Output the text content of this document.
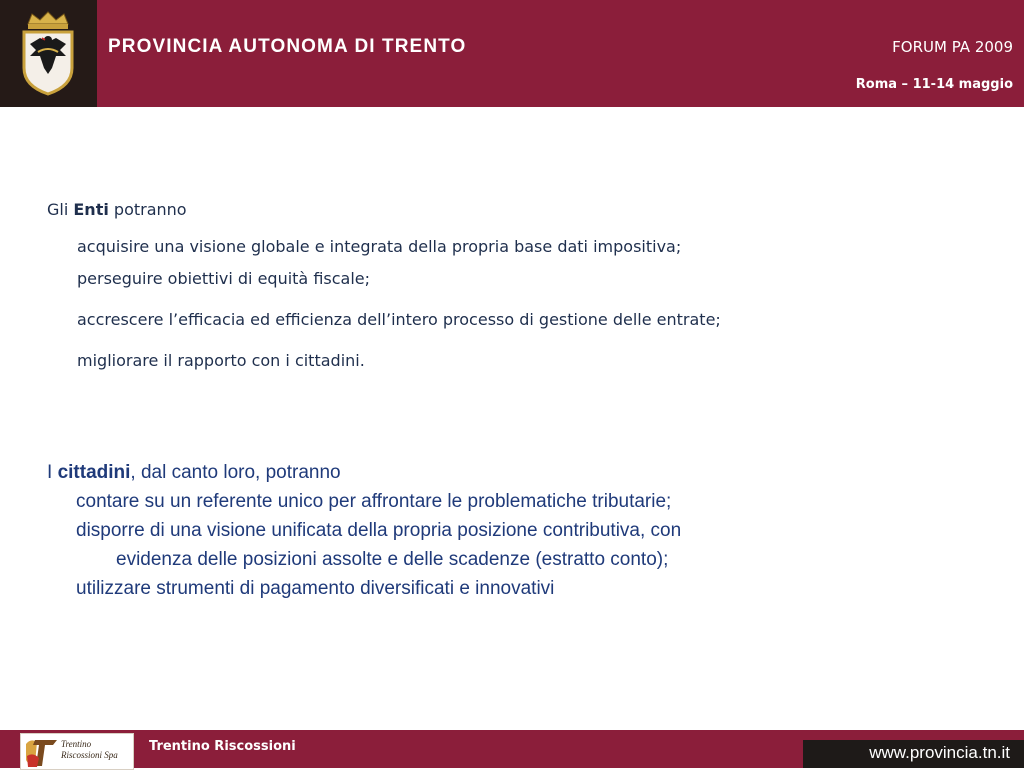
PROVINCIA AUTONOMA DI TRENTO	FORUM PA 2009
Roma – 11-14 maggio
Gli Enti potranno
acquisire una visione globale e integrata della propria base dati impositiva;
perseguire obiettivi di equità fiscale;
accrescere l’efficacia ed efficienza dell’intero processo di gestione delle entrate;
migliorare il rapporto con i cittadini.
I cittadini, dal canto loro, potranno
contare su un referente unico per affrontare le problematiche tributarie;
disporre di una visione unificata della propria posizione contributiva, con
evidenza delle posizioni assolte e delle scadenze (estratto conto);
utilizzare strumenti di pagamento diversificati e innovativi
Trentino
Riscossioni Spa
Trentino Riscossioni	www.provincia.tn.it
